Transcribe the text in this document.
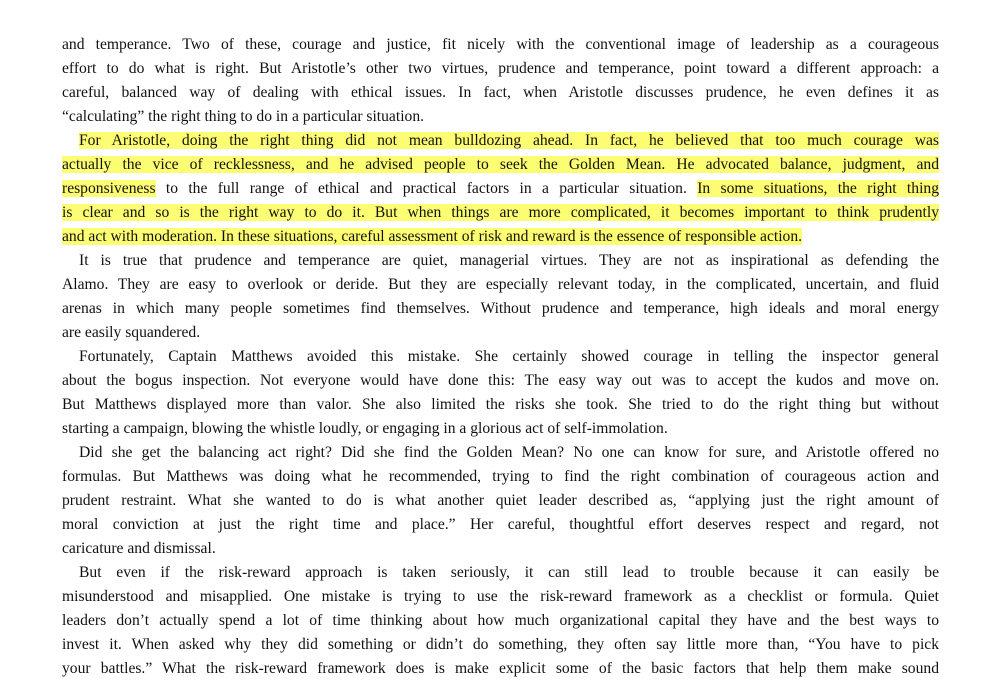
and temperance. Two of these, courage and justice, fit nicely with the conventional image of leadership as a courageous
effort to do what is right. But Aristotle’s other two virtues, prudence and temperance, point toward a different approach: a
careful, balanced way of dealing with ethical issues. In fact, when Aristotle discusses prudence, he even defines it as
“calculating” the right thing to do in a particular situation.
For Aristotle, doing the right thing did not mean bulldozing ahead. In fact, he believed that too much courage was
actually the vice of recklessness, and he advised people to seek the Golden Mean. He advocated balance, judgment, and
responsiveness to the full range of ethical and practical factors in a particular situation. In some situations, the right thing
is clear and so is the right way to do it. But when things are more complicated, it becomes important to think prudently
and act with moderation. In these situations, careful assessment of risk and reward is the essence of responsible action.
It is true that prudence and temperance are quiet, managerial virtues. They are not as inspirational as defending the
Alamo. They are easy to overlook or deride. But they are especially relevant today, in the complicated, uncertain, and fluid
arenas in which many people sometimes find themselves. Without prudence and temperance, high ideals and moral energy
are easily squandered.
Fortunately, Captain Matthews avoided this mistake. She certainly showed courage in telling the inspector general
about the bogus inspection. Not everyone would have done this: The easy way out was to accept the kudos and move on.
But Matthews displayed more than valor. She also limited the risks she took. She tried to do the right thing but without
starting a campaign, blowing the whistle loudly, or engaging in a glorious act of self-immolation.
Did she get the balancing act right? Did she find the Golden Mean? No one can know for sure, and Aristotle offered no
formulas. But Matthews was doing what he recommended, trying to find the right combination of courageous action and
prudent restraint. What she wanted to do is what another quiet leader described as, “applying just the right amount of
moral conviction at just the right time and place.” Her careful, thoughtful effort deserves respect and regard, not
caricature and dismissal.
But even if the risk-reward approach is taken seriously, it can still lead to trouble because it can easily be
misunderstood and misapplied. One mistake is trying to use the risk-reward framework as a checklist or formula. Quiet
leaders don’t actually spend a lot of time thinking about how much organizational capital they have and the best ways to
invest it. When asked why they did something or didn’t do something, they often say little more than, “You have to pick
your battles.” What the risk-reward framework does is make explicit some of the basic factors that help them make sound
